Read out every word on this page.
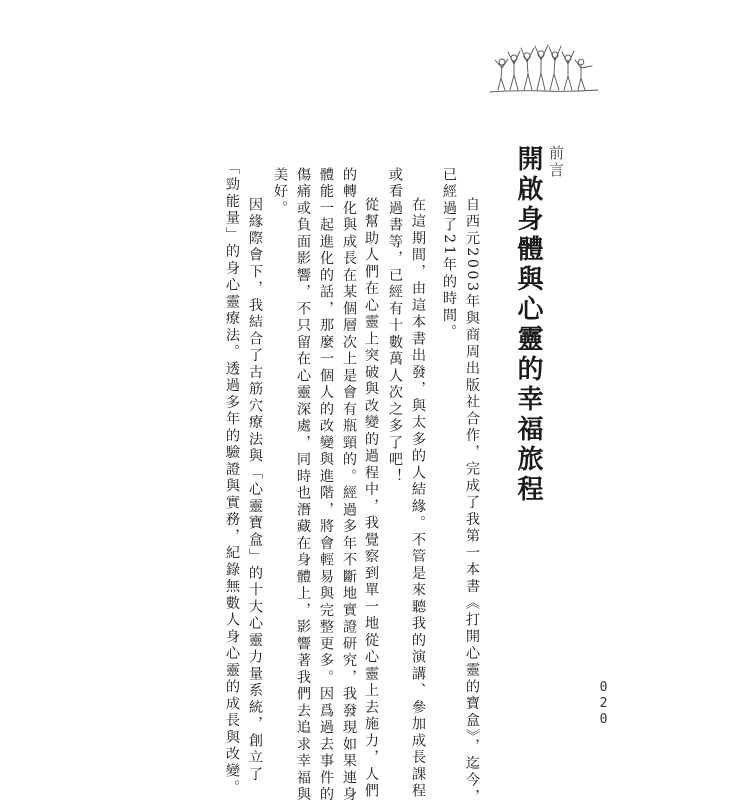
前言
開啟身體與心靈的幸福旅程
自西元2003年與商周出版社合作，完成了我第一本書《打開心靈的寶盒》，迄今，
已經過了21年的時間。
在這期間，由這本書出發，與太多的人結緣。不管是來聽我的演講、參加成長課程
或看過書等，已經有十數萬人次之多了吧！
從幫助人們在心靈上突破與改變的過程中，我覺察到單一地從心靈上去施力，人們
的轉化與成長在某個層次上是會有瓶頸的。經過多年不斷地實證研究，我發現如果連身
體能一起進化的話，那麼一個人的改變與進階，將會輕易與完整更多。因爲過去事件的
傷痛或負面影響，不只留在心靈深處，同時也潛藏在身體上，影響著我們去追求幸福與
美好。
因緣際會下，我結合了古筋穴療法與「心靈寶盒」的十大心靈力量系統，創立了
「勁能量」的身心靈療法。透過多年的驗證與實務，紀錄無數人身心靈的成長與改變。	020
